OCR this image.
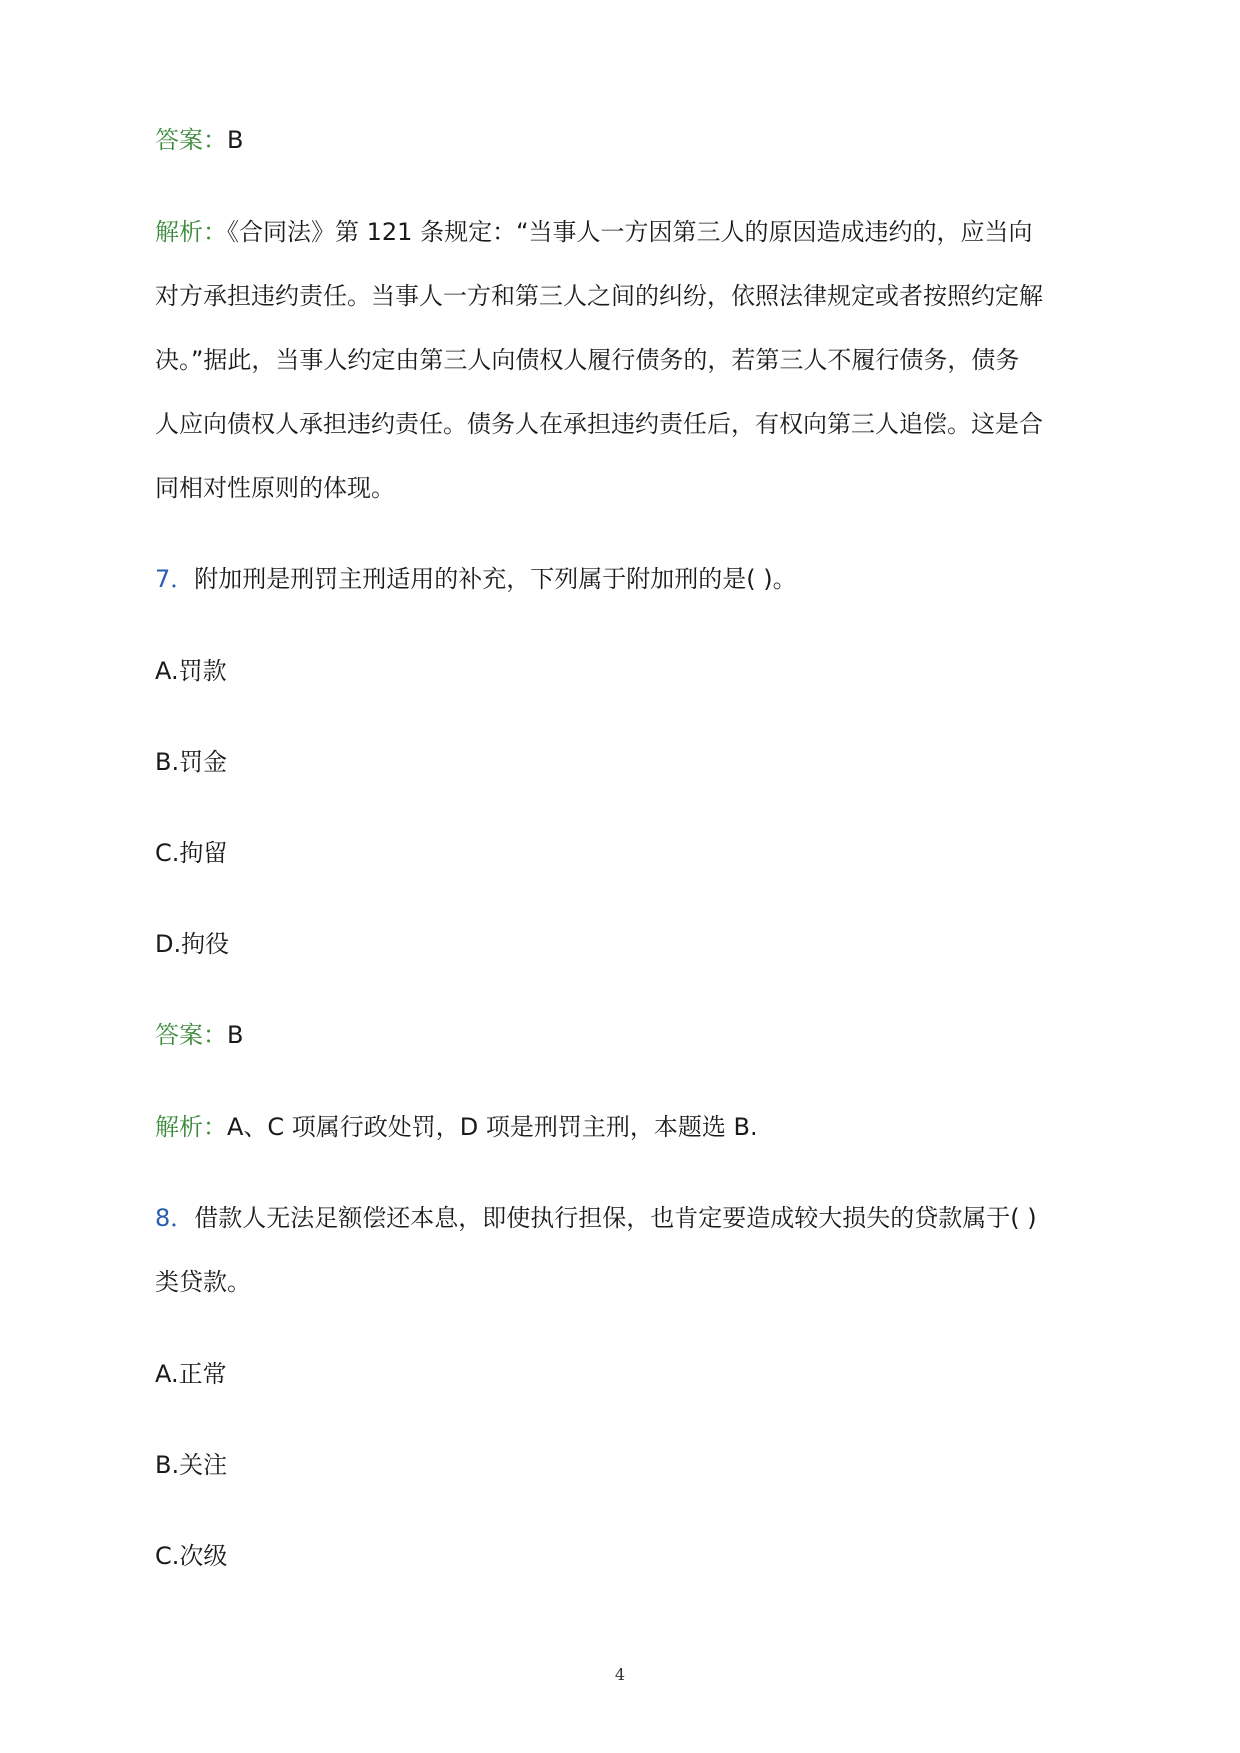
答案：B
解析：《合同法》第 121 条规定：“当事人一方因第三人的原因造成违约的，应当向
对方承担违约责任。当事人一方和第三人之间的纠纷，依照法律规定或者按照约定解
决。”据此，当事人约定由第三人向债权人履行债务的，若第三人不履行债务，债务
人应向债权人承担违约责任。债务人在承担违约责任后，有权向第三人追偿。这是合
同相对性原则的体现。
7．附加刑是刑罚主刑适用的补充，下列属于附加刑的是( )。
A.罚款
B.罚金
C.拘留
D.拘役
答案：B
解析：A、C 项属行政处罚，D 项是刑罚主刑，本题选 B.
8．借款人无法足额偿还本息，即使执行担保，也肯定要造成较大损失的贷款属于( )
类贷款。
A.正常
B.关注
C.次级
4
